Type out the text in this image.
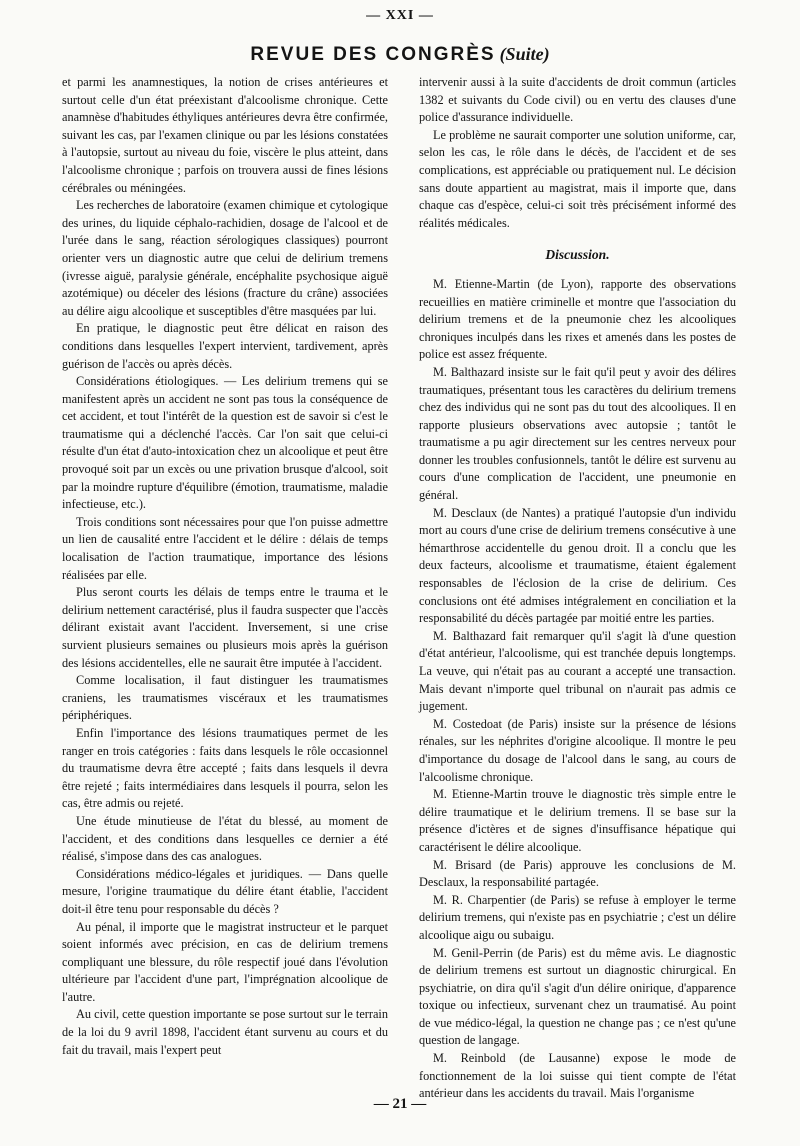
— XXI —
REVUE DES CONGRÈS (Suite)

et parmi les anamnestiques, la notion de crises antérieures et surtout celle d'un état préexistant d'alcoolisme chronique. Cette anamnèse d'habitudes éthyliques antérieures devra être confirmée, suivant les cas, par l'examen clinique ou par les lésions constatées à l'autopsie, surtout au niveau du foie, viscère le plus atteint, dans l'alcoolisme chronique ; parfois on trouvera aussi de fines lésions cérébrales ou méningées.

Les recherches de laboratoire (examen chimique et cytologique des urines, du liquide céphalo-rachidien, dosage de l'alcool et de l'urée dans le sang, réaction sérologiques classiques) pourront orienter vers un diagnostic autre que celui de delirium tremens (ivresse aiguë, paralysie générale, encéphalite psychosique aiguë azotémique) ou déceler des lésions (fracture du crâne) associées au délire aigu alcoolique et susceptibles d'être masquées par lui.

En pratique, le diagnostic peut être délicat en raison des conditions dans lesquelles l'expert intervient, tardivement, après guérison de l'accès ou après décès.

Considérations étiologiques. — Les delirium tremens qui se manifestent après un accident ne sont pas tous la conséquence de cet accident, et tout l'intérêt de la question est de savoir si c'est le traumatisme qui a déclenché l'accès. Car l'on sait que celui-ci résulte d'un état d'auto-intoxication chez un alcoolique et peut être provoqué soit par un excès ou une privation brusque d'alcool, soit par la moindre rupture d'équilibre (émotion, traumatisme, maladie infectieuse, etc.).

Trois conditions sont nécessaires pour que l'on puisse admettre un lien de causalité entre l'accident et le délire : délais de temps localisation de l'action traumatique, importance des lésions réalisées par elle.

Plus seront courts les délais de temps entre le trauma et le delirium nettement caractérisé, plus il faudra suspecter que l'accès délirant existait avant l'accident. Inversement, si une crise survient plusieurs semaines ou plusieurs mois après la guérison des lésions accidentelles, elle ne saurait être imputée à l'accident.

Comme localisation, il faut distinguer les traumatismes craniens, les traumatismes viscéraux et les traumatismes périphériques.

Enfin l'importance des lésions traumatiques permet de les ranger en trois catégories : faits dans lesquels le rôle occasionnel du traumatisme devra être accepté ; faits dans lesquels il devra être rejeté ; faits intermédiaires dans lesquels il pourra, selon les cas, être admis ou rejeté.

Une étude minutieuse de l'état du blessé, au moment de l'accident, et des conditions dans lesquelles ce dernier a été réalisé, s'impose dans des cas analogues.

Considérations médico-légales et juridiques. — Dans quelle mesure, l'origine traumatique du délire étant établie, l'accident doit-il être tenu pour responsable du décès ?

Au pénal, il importe que le magistrat instructeur et le parquet soient informés avec précision, en cas de delirium tremens compliquant une blessure, du rôle respectif joué dans l'évolution ultérieure par l'accident d'une part, l'imprégnation alcoolique de l'autre.

Au civil, cette question importante se pose surtout sur le terrain de la loi du 9 avril 1898, l'accident étant survenu au cours et du fait du travail, mais l'expert peut

intervenir aussi à la suite d'accidents de droit commun (articles 1382 et suivants du Code civil) ou en vertu des clauses d'une police d'assurance individuelle.

Le problème ne saurait comporter une solution uniforme, car, selon les cas, le rôle dans le décès, de l'accident et de ses complications, est appréciable ou pratiquement nul. Le décision sans doute appartient au magistrat, mais il importe que, dans chaque cas d'espèce, celui-ci soit très précisément informé des réalités médicales.

Discussion.

M. Etienne-Martin (de Lyon), rapporte des observations recueillies en matière criminelle et montre que l'association du delirium tremens et de la pneumonie chez les alcooliques chroniques inculpés dans les rixes et amenés dans les postes de police est assez fréquente.

M. Balthazard insiste sur le fait qu'il peut y avoir des délires traumatiques, présentant tous les caractères du delirium tremens chez des individus qui ne sont pas du tout des alcooliques. Il en rapporte plusieurs observations avec autopsie ; tantôt le traumatisme a pu agir directement sur les centres nerveux pour donner les troubles confusionnels, tantôt le délire est survenu au cours d'une complication de l'accident, une pneumonie en général.

M. Desclaux (de Nantes) a pratiqué l'autopsie d'un individu mort au cours d'une crise de delirium tremens consécutive à une hémarthrose accidentelle du genou droit. Il a conclu que les deux facteurs, alcoolisme et traumatisme, étaient également responsables de l'éclosion de la crise de delirium. Ces conclusions ont été admises intégralement en conciliation et la responsabilité du décès partagée par moitié entre les parties.

M. Balthazard fait remarquer qu'il s'agit là d'une question d'état antérieur, l'alcoolisme, qui est tranchée depuis longtemps. La veuve, qui n'était pas au courant a accepté une transaction. Mais devant n'importe quel tribunal on n'aurait pas admis ce jugement.

M. Costedoat (de Paris) insiste sur la présence de lésions rénales, sur les néphrites d'origine alcoolique. Il montre le peu d'importance du dosage de l'alcool dans le sang, au cours de l'alcoolisme chronique.

M. Etienne-Martin trouve le diagnostic très simple entre le délire traumatique et le delirium tremens. Il se base sur la présence d'ictères et de signes d'insuffisance hépatique qui caractérisent le délire alcoolique.

M. Brisard (de Paris) approuve les conclusions de M. Desclaux, la responsabilité partagée.

M. R. Charpentier (de Paris) se refuse à employer le terme delirium tremens, qui n'existe pas en psychiatrie ; c'est un délire alcoolique aigu ou subaigu.

M. Genil-Perrin (de Paris) est du même avis. Le diagnostic de delirium tremens est surtout un diagnostic chirurgical. En psychiatrie, on dira qu'il s'agit d'un délire onirique, d'apparence toxique ou infectieux, survenant chez un traumatisé. Au point de vue médico-légal, la question ne change pas ; ce n'est qu'une question de langage.

M. Reinbold (de Lausanne) expose le mode de fonctionnement de la loi suisse qui tient compte de l'état antérieur dans les accidents du travail. Mais l'organisme

— 21 —
